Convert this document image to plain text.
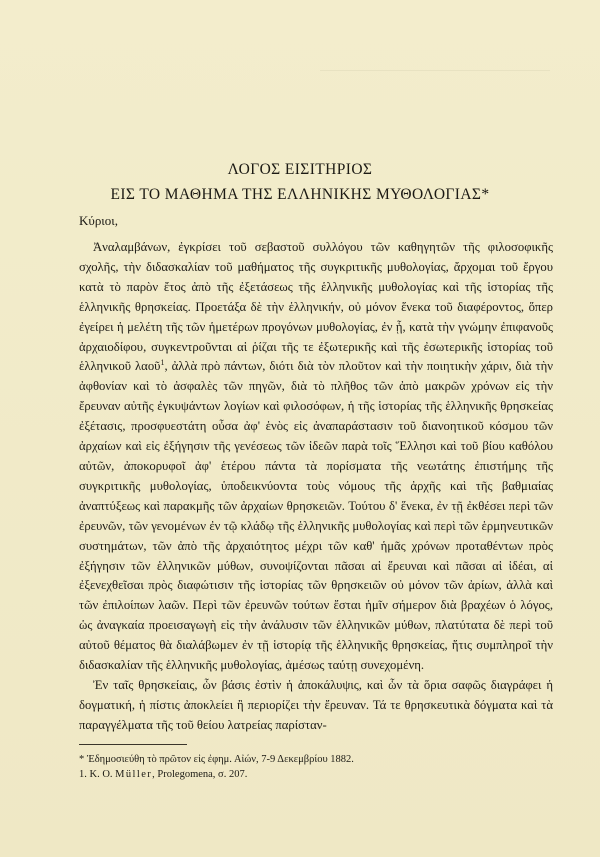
ΛΟΓΟΣ ΕΙΣΙΤΗΡΙΟΣ
ΕΙΣ ΤΟ ΜΑΘΗΜΑ ΤΗΣ ΕΛΛΗΝΙΚΗΣ ΜΥΘΟΛΟΓΙΑΣ*
Κύριοι,

Ἀναλαμβάνων, ἐγκρίσει τοῦ σεβαστοῦ συλλόγου τῶν καθηγητῶν τῆς φιλοσοφικῆς σχολῆς, τὴν διδασκαλίαν τοῦ μαθήματος τῆς συγκριτικῆς μυθολογίας, ἄρχομαι τοῦ ἔργου κατὰ τὸ παρὸν ἔτος ἀπὸ τῆς ἐξετάσεως τῆς ἑλληνικῆς μυθολογίας καὶ τῆς ἱστορίας τῆς ἑλληνικῆς θρησκείας. Προετάξα δὲ τὴν ἑλληνικήν, οὐ μόνον ἕνεκα τοῦ διαφέροντος, ὅπερ ἐγείρει ἡ μελέτη τῆς τῶν ἡμετέρων προγόνων μυθολογίας, ἐν ᾗ, κατὰ τὴν γνώμην ἐπιφανοῦς ἀρχαιοδίφου, συγκεντροῦνται αἱ ῥίζαι τῆς τε ἐξωτερικῆς καὶ τῆς ἐσωτερικῆς ἱστορίας τοῦ ἑλληνικοῦ λαοῦ$^1$, ἀλλὰ πρὸ πάντων, διότι διὰ τὸν πλοῦτον καὶ τὴν ποιητικὴν χάριν, διὰ τὴν ἀφθονίαν καὶ τὸ ἀσφαλὲς τῶν πηγῶν, διὰ τὸ πλῆθος τῶν ἀπὸ μακρῶν χρόνων εἰς τὴν ἔρευναν αὐτῆς ἐγκυψάντων λογίων καὶ φιλοσόφων, ἡ τῆς ἱστορίας τῆς ἑλληνικῆς θρησκείας ἐξέτασις, προσφυεστάτη οὖσα ἀφ' ἑνὸς εἰς ἀναπαράστασιν τοῦ διανοητικοῦ κόσμου τῶν ἀρχαίων καὶ εἰς ἐξήγησιν τῆς γενέσεως τῶν ἰδεῶν παρὰ τοῖς Ἕλλησι καὶ τοῦ βίου καθόλου αὐτῶν, ἀποκορυφοῖ ἀφ' ἑτέρου πάντα τὰ πορίσματα τῆς νεωτάτης ἐπιστήμης τῆς συγκριτικῆς μυθολογίας, ὑποδεικνύοντα τοὺς νόμους τῆς ἀρχῆς καὶ τῆς βαθμιαίας ἀναπτύξεως καὶ παρακμῆς τῶν ἀρχαίων θρησκειῶν. Τούτου δ' ἕνεκα, ἐν τῇ ἐκθέσει περὶ τῶν ἐρευνῶν, τῶν γενομένων ἐν τῷ κλάδῳ τῆς ἑλληνικῆς μυθολογίας καὶ περὶ τῶν ἑρμηνευτικῶν συστημάτων, τῶν ἀπὸ τῆς ἀρχαιότητος μέχρι τῶν καθ' ἡμᾶς χρόνων προταθέντων πρὸς ἐξήγησιν τῶν ἑλληνικῶν μύθων, συνοψίζονται πᾶσαι αἱ ἔρευναι καὶ πᾶσαι αἱ ἰδέαι, αἱ ἐξενεχθεῖσαι πρὸς διαφώτισιν τῆς ἱστορίας τῶν θρησκειῶν οὐ μόνον τῶν ἀρίων, ἀλλὰ καὶ τῶν ἐπιλοίπων λαῶν. Περὶ τῶν ἐρευνῶν τούτων ἔσται ἡμῖν σήμερον διὰ βραχέων ὁ λόγος, ὡς ἀναγκαία προεισαγωγὴ εἰς τὴν ἀνάλυσιν τῶν ἑλληνικῶν μύθων, πλατύτατα δὲ περὶ τοῦ αὐτοῦ θέματος θὰ διαλάβωμεν ἐν τῇ ἱστορίᾳ τῆς ἑλληνικῆς θρησκείας, ἥτις συμπληροῖ τὴν διδασκαλίαν τῆς ἑλληνικῆς μυθολογίας, ἀμέσως ταύτῃ συνεχομένη.

Ἐν ταῖς θρησκείαις, ὧν βάσις ἐστὶν ἡ ἀποκάλυψις, καὶ ὧν τὰ ὅρια σαφῶς διαγράφει ἡ δογματική, ἡ πίστις ἀποκλείει ἢ περιορίζει τὴν ἔρευναν. Τά τε θρησκευτικὰ δόγματα καὶ τὰ παραγγέλματα τῆς τοῦ θείου λατρείας παρίσταν-

* Ἐδημοσιεύθη τὸ πρῶτον εἰς ἐφημ. Αἰών, 7-9 Δεκεμβρίου 1882.
1. K. O. Müller, Prolegomena, σ. 207.
